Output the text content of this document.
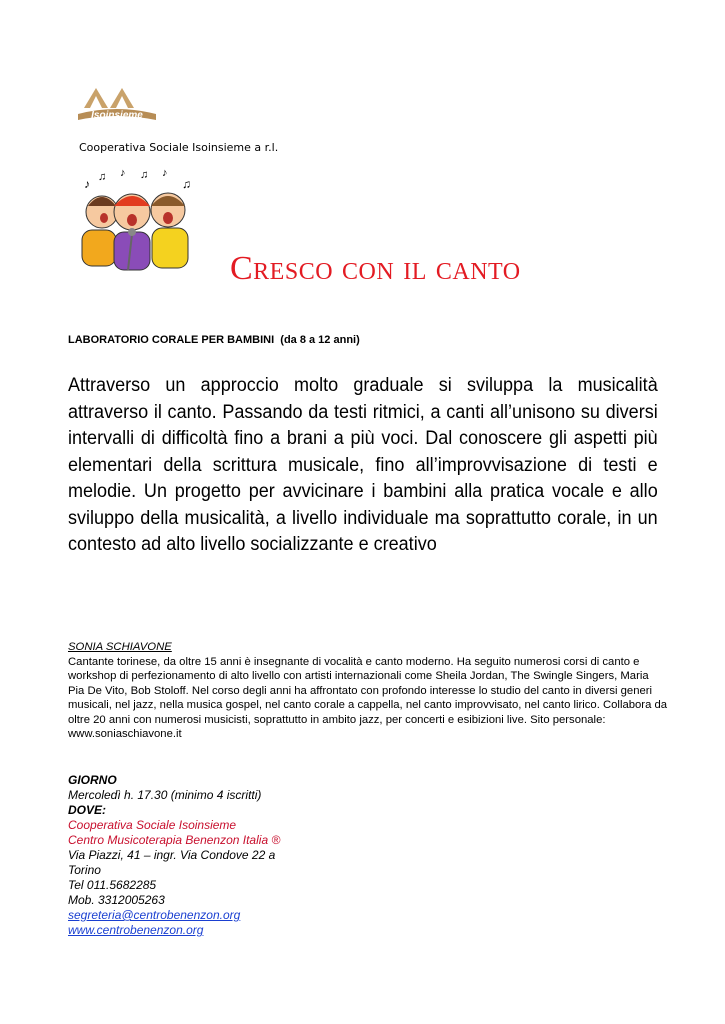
Isoinsieme
Cooperativa Sociale Isoinsieme a r.l.
♪ ♫ ♪ ♫ ♪
♫
Cresco con il canto
LABORATORIO CORALE PER BAMBINI (da 8 a 12 anni)
Attraverso un approccio molto graduale si sviluppa la musicalità attraverso il canto. Passando da testi ritmici, a canti all’unisono su diversi intervalli di difficoltà fino a brani a più voci. Dal conoscere gli aspetti più elementari della scrittura musicale, fino all’improvvisazione di testi e melodie. Un progetto per avvicinare i bambini alla pratica vocale e allo sviluppo della musicalità, a livello individuale ma soprattutto corale, in un contesto ad alto livello socializzante e creativo
SONIA SCHIAVONE
Cantante torinese, da oltre 15 anni è insegnante di vocalità e canto moderno. Ha seguito numerosi corsi di canto e workshop di perfezionamento di alto livello con artisti internazionali come Sheila Jordan, The Swingle Singers, Maria Pia De Vito, Bob Stoloff. Nel corso degli anni ha affrontato con profondo interesse lo studio del canto in diversi generi musicali, nel jazz, nella musica gospel, nel canto corale a cappella, nel canto improvvisato, nel canto lirico. Collabora da oltre 20 anni con numerosi musicisti, soprattutto in ambito jazz, per concerti e esibizioni live. Sito personale: www.soniaschiavone.it
GIORNO
Mercoledì h. 17.30 (minimo 4 iscritti)
DOVE:
Cooperativa Sociale Isoinsieme
Centro Musicoterapia Benenzon Italia ®
Via Piazzi, 41 – ingr. Via Condove 22 a
Torino
Tel 011.5682285
Mob. 3312005263
segreteria@centrobenenzon.org
www.centrobenenzon.org
